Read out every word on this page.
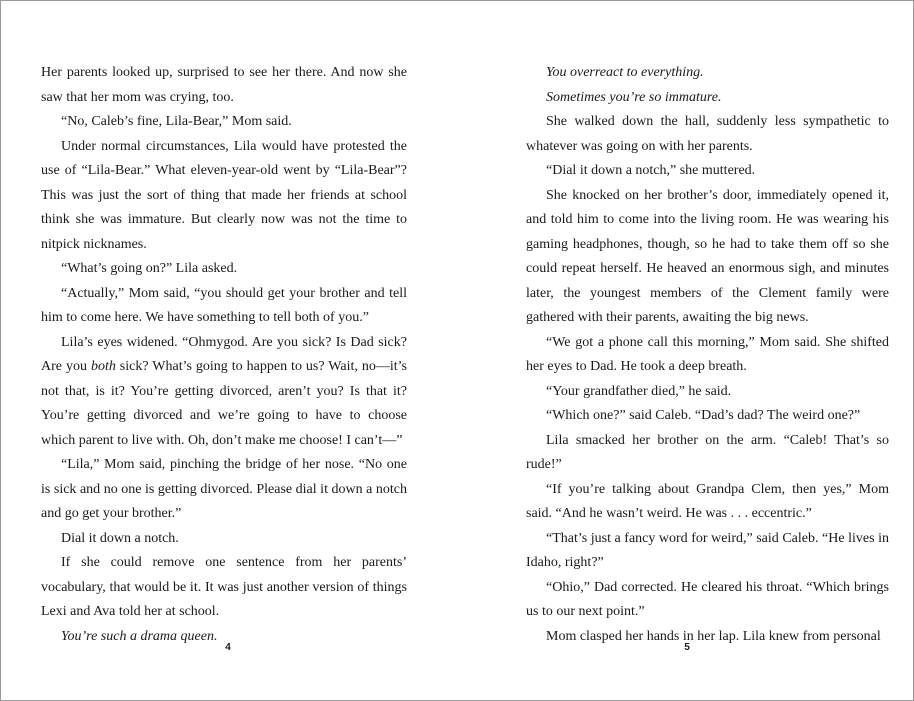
Her parents looked up, surprised to see her there. And now she saw that her mom was crying, too.

“No, Caleb’s fine, Lila-Bear,” Mom said.

Under normal circumstances, Lila would have protested the use of “Lila-Bear.” What eleven-year-old went by “Lila-Bear”? This was just the sort of thing that made her friends at school think she was immature. But clearly now was not the time to nitpick nicknames.

“What’s going on?” Lila asked.

“Actually,” Mom said, “you should get your brother and tell him to come here. We have something to tell both of you.”

Lila’s eyes widened. “Ohmygod. Are you sick? Is Dad sick? Are you both sick? What’s going to happen to us? Wait, no—it’s not that, is it? You’re getting divorced, aren’t you? Is that it? You’re getting divorced and we’re going to have to choose which parent to live with. Oh, don’t make me choose! I can’t—”

“Lila,” Mom said, pinching the bridge of her nose. “No one is sick and no one is getting divorced. Please dial it down a notch and go get your brother.”

Dial it down a notch.

If she could remove one sentence from her parents’ vocabulary, that would be it. It was just another version of things Lexi and Ava told her at school.

You’re such a drama queen.

4

You overreact to everything.

Sometimes you’re so immature.

She walked down the hall, suddenly less sympathetic to whatever was going on with her parents.

“Dial it down a notch,” she muttered.

She knocked on her brother’s door, immediately opened it, and told him to come into the living room. He was wearing his gaming headphones, though, so he had to take them off so she could repeat herself. He heaved an enormous sigh, and minutes later, the youngest members of the Clement family were gathered with their parents, awaiting the big news.

“We got a phone call this morning,” Mom said. She shifted her eyes to Dad. He took a deep breath.

“Your grandfather died,” he said.

“Which one?” said Caleb. “Dad’s dad? The weird one?”

Lila smacked her brother on the arm. “Caleb! That’s so rude!”

“If you’re talking about Grandpa Clem, then yes,” Mom said. “And he wasn’t weird. He was . . . eccentric.”

“That’s just a fancy word for weird,” said Caleb. “He lives in Idaho, right?”

“Ohio,” Dad corrected. He cleared his throat. “Which brings us to our next point.”

Mom clasped her hands in her lap. Lila knew from personal

5
